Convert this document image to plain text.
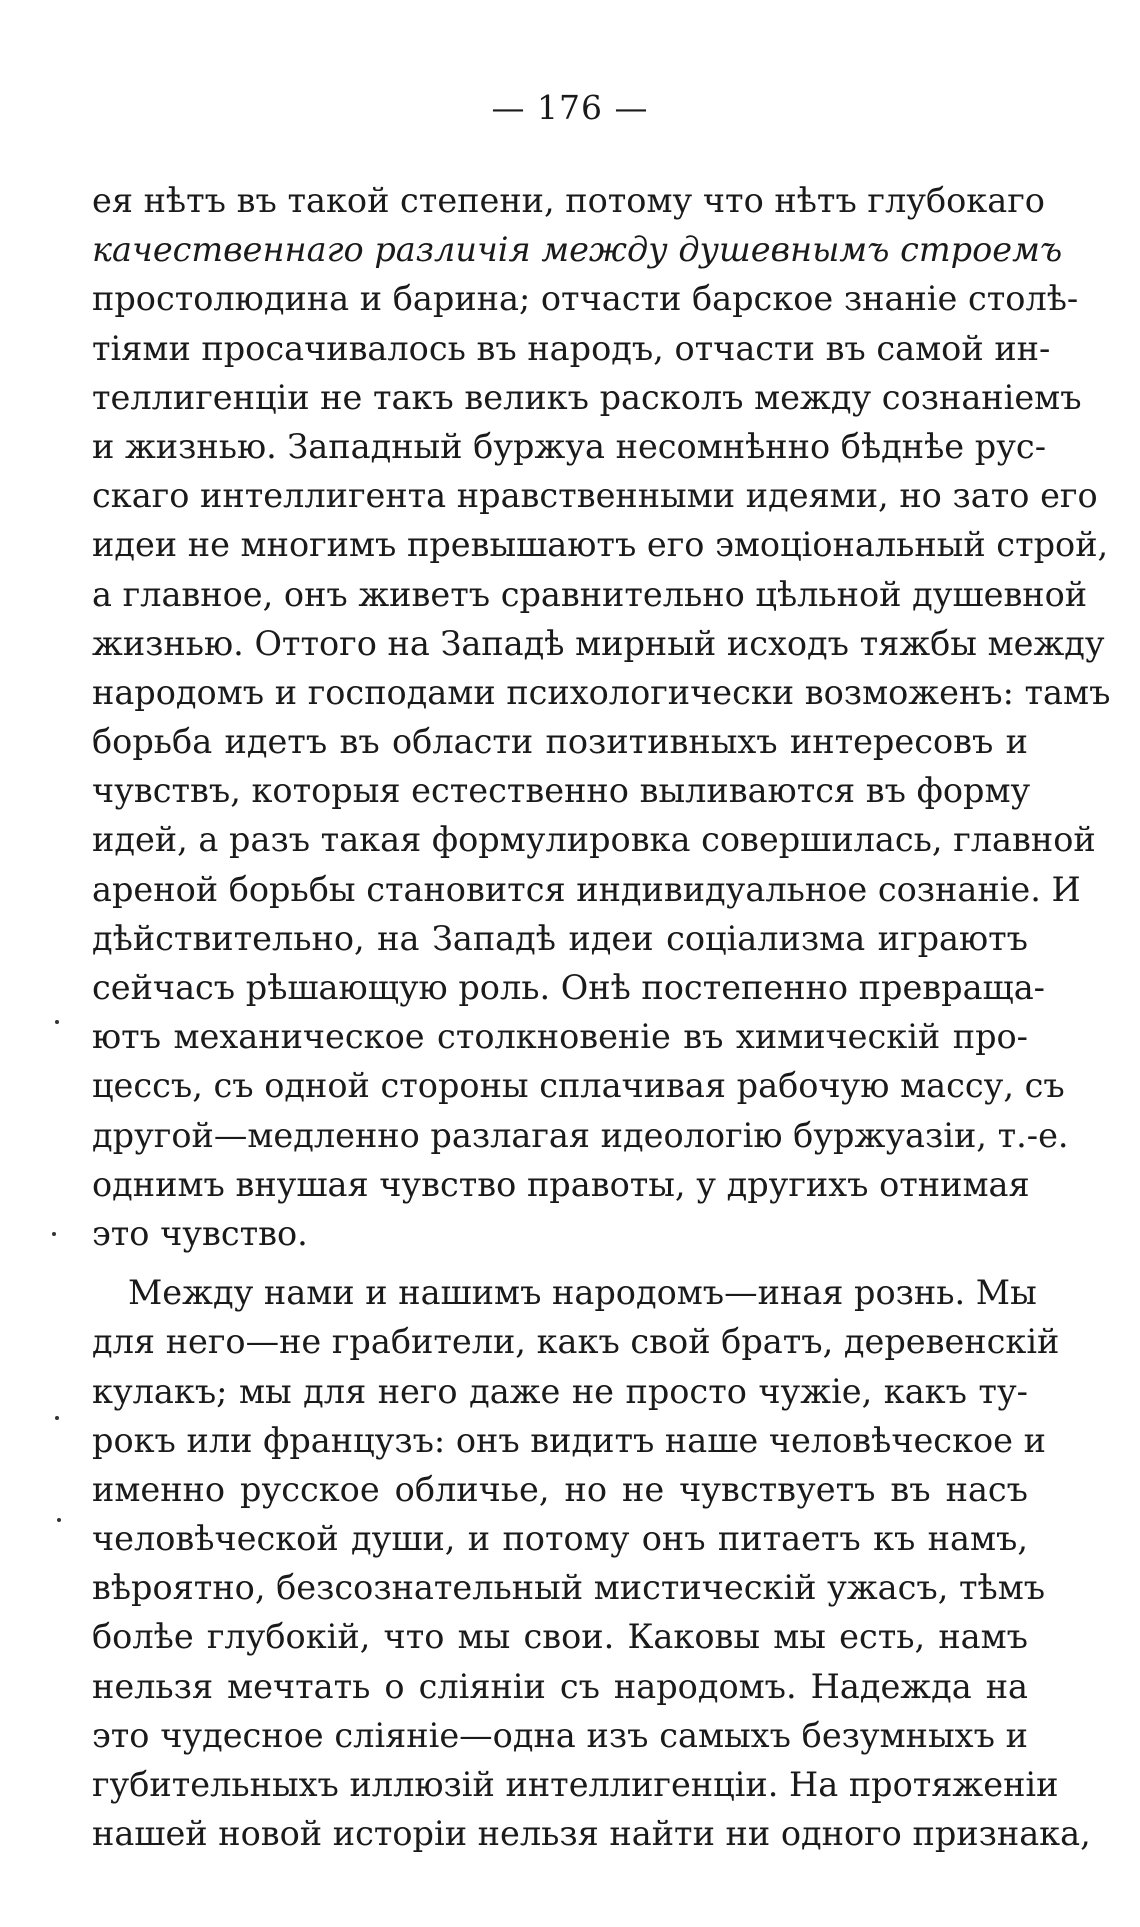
— 176 —
ея нѣтъ въ такой степени, потому что нѣтъ глубокаго
качественнаго различія между душевнымъ строемъ
простолюдина и барина; отчасти барское знаніе столѣ-
тіями просачивалось въ народъ, отчасти въ самой ин-
теллигенціи не такъ великъ расколъ между сознаніемъ
и жизнью. Западный буржуа несомнѣнно бѣднѣе рус-
скаго интеллигента нравственными идеями, но зато его
идеи не многимъ превышаютъ его эмоціональный строй,
а главное, онъ живетъ сравнительно цѣльной душевной
жизнью. Оттого на Западѣ мирный исходъ тяжбы между
народомъ и господами психологически возможенъ: тамъ
борьба идетъ въ области позитивныхъ интересовъ и
чувствъ, которыя естественно выливаются въ форму
идей, а разъ такая формулировка совершилась, главной
ареной борьбы становится индивидуальное сознаніе. И
дѣйствительно, на Западѣ идеи соціализма играютъ
сейчасъ рѣшающую роль. Онѣ постепенно превраща-
ютъ механическое столкновеніе въ химическій про-
цессъ, съ одной стороны сплачивая рабочую массу, съ
другой—медленно разлагая идеологію буржуазіи, т.-е.
однимъ внушая чувство правоты, у другихъ отнимая
это чувство.
Между нами и нашимъ народомъ—иная рознь. Мы
для него—не грабители, какъ свой братъ, деревенскій
кулакъ; мы для него даже не просто чужіе, какъ ту-
рокъ или французъ: онъ видитъ наше человѣческое и
именно русское обличье, но не чувствуетъ въ насъ
человѣческой души, и потому онъ питаетъ къ намъ,
вѣроятно, безсознательный мистическій ужасъ, тѣмъ
болѣе глубокій, что мы свои. Каковы мы есть, намъ
нельзя мечтать о сліяніи съ народомъ. Надежда на
это чудесное сліяніе—одна изъ самыхъ безумныхъ и
губительныхъ иллюзій интеллигенціи. На протяженіи
нашей новой исторіи нельзя найти ни одного признака,
